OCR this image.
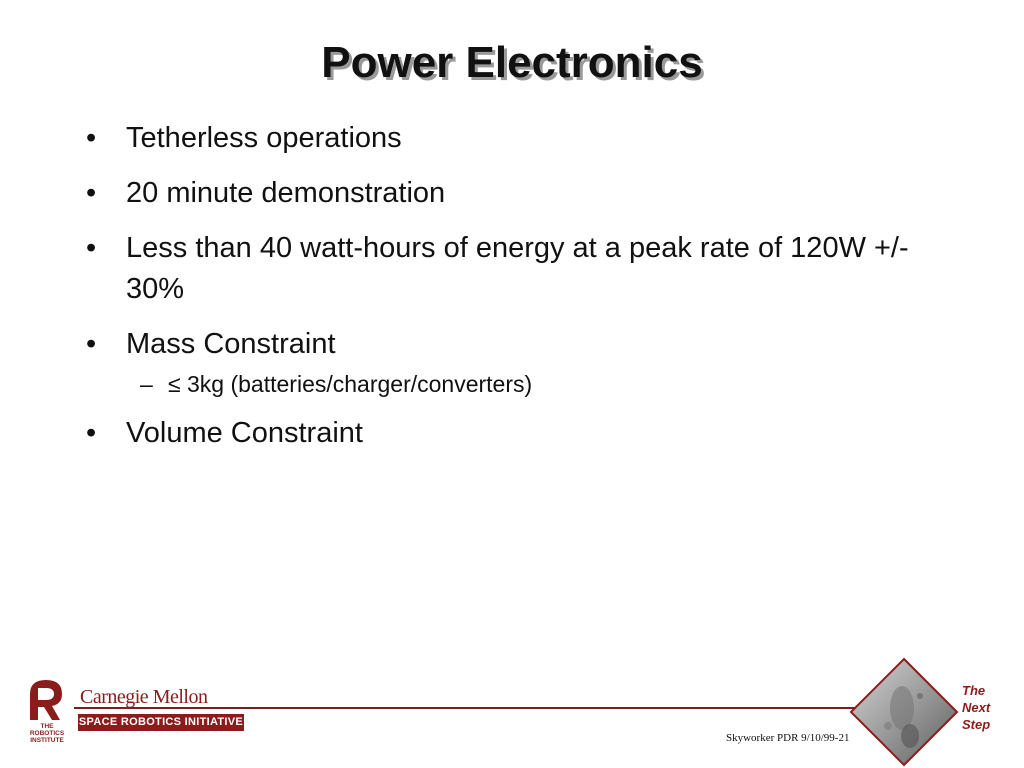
Power Electronics
• Tetherless operations
• 20 minute demonstration
• Less than 40 watt-hours of energy at a peak rate of 120W +/- 30%
• Mass Constraint
– ≤ 3kg (batteries/charger/converters)
• Volume Constraint
THE
ROBOTICS
INSTITUTE
Carnegie Mellon
SPACE ROBOTICS INITIATIVE
Skyworker PDR 9/10/99-21
The
Next
Step
